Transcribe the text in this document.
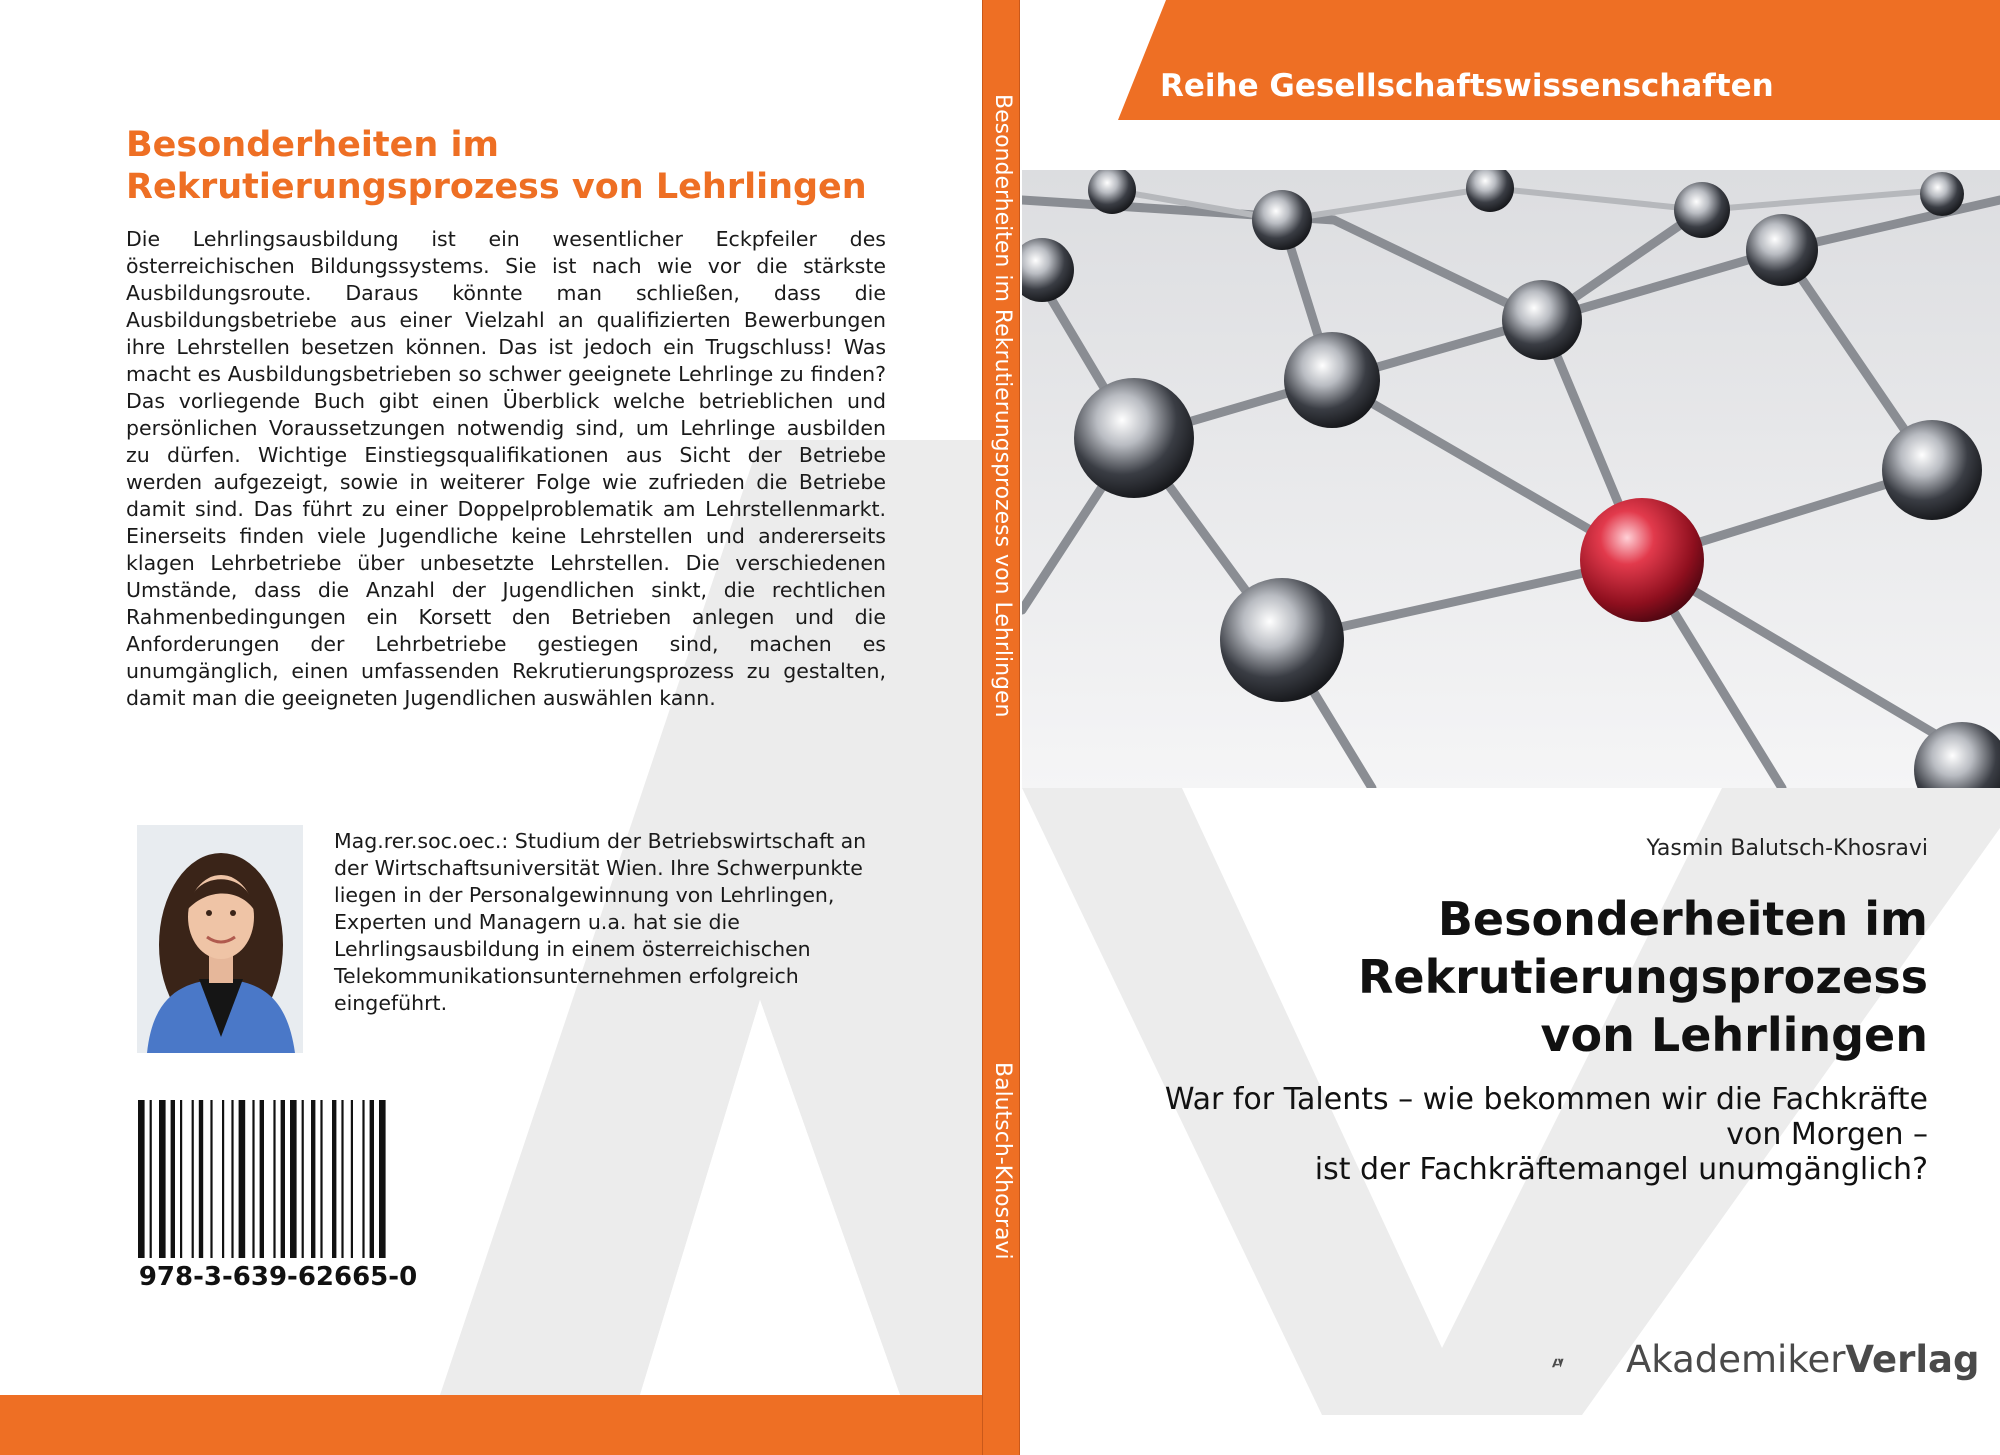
Besonderheiten im
Rekrutierungsprozess von Lehrlingen

Die Lehrlingsausbildung ist ein wesentlicher Eckpfeiler des österreichischen Bildungssystems. Sie ist nach wie vor die stärkste Ausbildungsroute. Daraus könnte man schließen, dass die Ausbildungsbetriebe aus einer Vielzahl an qualifizierten Bewerbungen ihre Lehrstellen besetzen können. Das ist jedoch ein Trugschluss! Was macht es Ausbildungsbetrieben so schwer geeignete Lehrlinge zu finden? Das vorliegende Buch gibt einen Überblick welche betrieblichen und persönlichen Voraussetzungen notwendig sind, um Lehrlinge ausbilden zu dürfen. Wichtige Einstiegsqualifikationen aus Sicht der Betriebe werden aufgezeigt, sowie in weiterer Folge wie zufrieden die Betriebe damit sind. Das führt zu einer Doppelproblematik am Lehrstellenmarkt. Einerseits finden viele Jugendliche keine Lehrstellen und andererseits klagen Lehrbetriebe über unbesetzte Lehrstellen. Die verschiedenen Umstände, dass die Anzahl der Jugendlichen sinkt, die rechtlichen Rahmenbedingungen ein Korsett den Betrieben anlegen und die Anforderungen der Lehrbetriebe gestiegen sind, machen es unumgänglich, einen umfassenden Rekrutierungsprozess zu gestalten, damit man die geeigneten Jugendlichen auswählen kann.

Mag.rer.soc.oec.: Studium der Betriebswirtschaft an der Wirtschaftsuniversität Wien. Ihre Schwerpunkte liegen in der Personalgewinnung von Lehrlingen, Experten und Managern u.a. hat sie die Lehrlingsausbildung in einem österreichischen Telekommunikationsunternehmen erfolgreich eingeführt.

978-3-639-62665-0
Besonderheiten im Rekrutierungsprozess von Lehrlingen
Balutsch-Khosravi
Reihe Gesellschaftswissenschaften
Yasmin Balutsch-Khosravi
Besonderheiten im
Rekrutierungsprozess
von Lehrlingen

War for Talents – wie bekommen wir die Fachkräfte
von Morgen –
ist der Fachkräftemangel unumgänglich?

AkademikerVerlag
